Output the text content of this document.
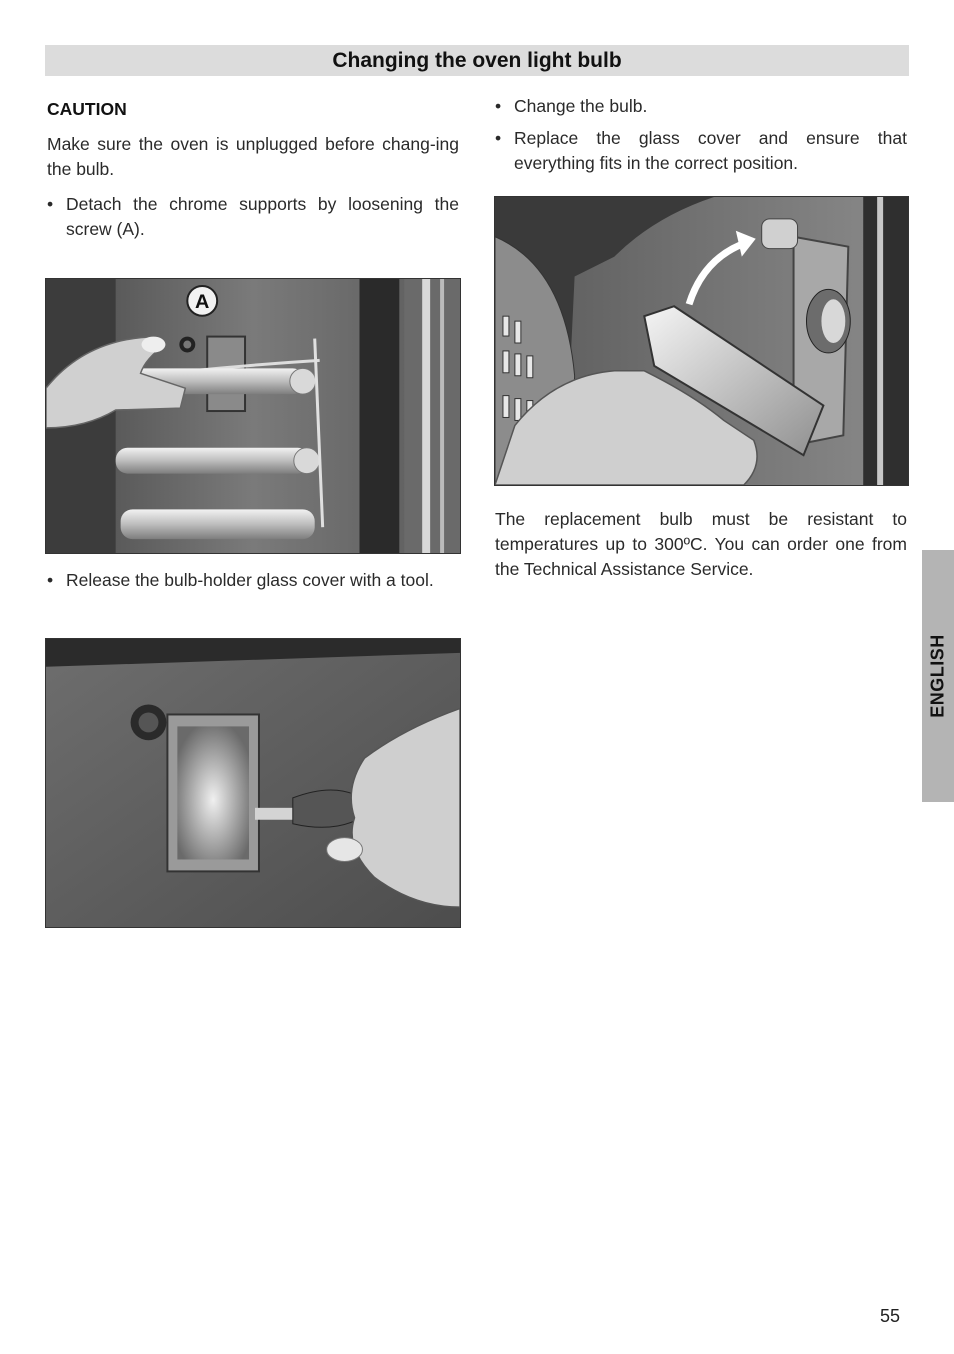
Changing the oven light bulb
CAUTION

Make sure the oven is unplugged before chang-ing the bulb.

• Detach the chrome supports by loosening the screw (A).
A
• Release the bulb-holder glass cover with a tool.
• Change the bulb.
• Replace the glass cover and ensure that everything fits in the correct position.

The replacement bulb must be resistant to temperatures up to 300ºC. You can order one from the Technical Assistance Service.

ENGLISH
55
